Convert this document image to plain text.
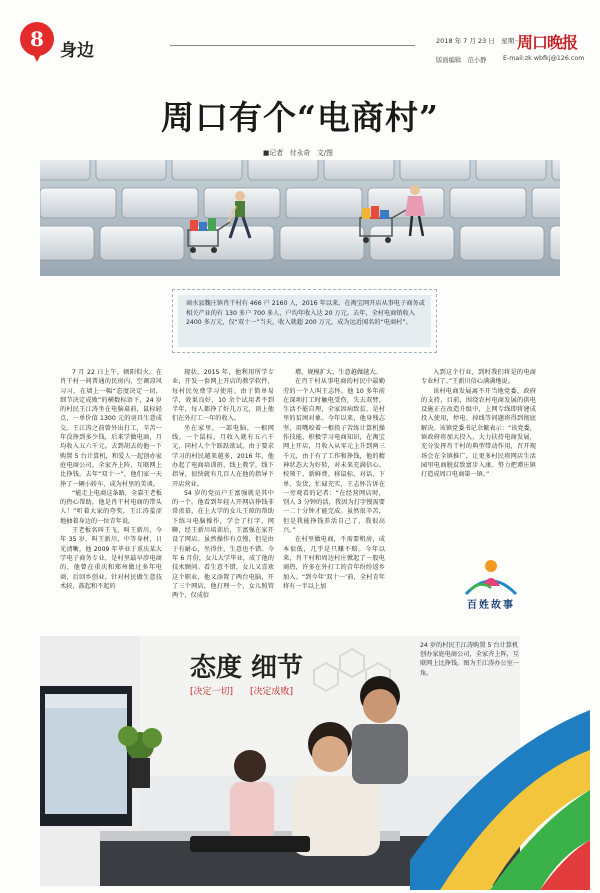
8 身边	2018 年 7 月 23 日　星期一
周口晚报
版面编辑　范小静	E-mail:zk wbfkj@126.com
周口有个“电商村”
■记者　付永奇　文/图
商水县魏庄镇肖干村有 466 户 2160 人，2016 年以来，在淘宝网开店从事电子商务或相关产业的有 130 多户 700 多人，户均年收入达 20 万元。去年，全村电商销收入 2400 多万元，仅“双十一”当天，收入就超 200 万元，成为远近闻名的“电商村”。

7 月 22 日上午，顿阳似火。在肖干村一间普通的民房内，空调凉风习习，在墙上一幅“态度决定一切，细节决定成败”的横数标语下，24 岁的村民王江涛坐在电脑桌前，鼠标轻点，一单价值 1300 元的羽具生意成交。王江涛之前曾外出打工，辛苦一年没挣到多少钱，后来学做电商，月均收入五六千元。去到胡去的他一下购置 5 台计算机，和爱人一起创办家庭电商公司，全家齐上阵，互联网上比挣钱。去年“双十一”，他们家一天挣了一辆小轿车，成为村里的美谈。

“能走上电商这条路，全靠王老板的热心帮助，他是肖干村电商的带头人！”听着大家的夸奖，王江涛羞涩地抽着身边的一位青年说。

王老板名叫王飞，叫王新川，今年 35 岁，叫王新川，中等身材，日光清晰，他 2009 年毕业于重庆某大学电子商务专业，是村里最早涉电商的，他曾在重庆和郑州做过多年电商，后回乡创业。针对村民做生意技术较，鼓起和不起的

现状，2015 年，他利用所学专业，开发一套网上开店的教学软件，每村民免费学习使用。由于简单易学，效果良好，10 余个试用者不到半年，每人都挣了好几万元，顶上他们在外打工一年的收入。

坐在家里，一部电脑，一根网线，一个鼠标，月收入就有五六千元，同村人个个跃跃欲试。由于要求学习的村民越来越多，2016 年，他办起了电商培训班，线上教学，线下指导，很快就有几百人在他的指导下开店营业。

54 岁的党员户王富强就是其中的一个。他看到年轻人开网店挣钱非常羡慕，在上大学的女儿王琼的帮助下练习电脑操作，学会了打字、网聊，经王新川培训后，王富强在家开设了网店。虽然操作有点慢，但是由于有耐心，坐得住，生意也不错。今年 6 月份，女儿大学毕业，成了他的技术顾问。看生意不错，女儿又喜欢这个职业，他又添置了两台电脑，开了三个网店，他打理一个，女儿照管两个，仅成倍

增，规模扩大，生意越做越大。

在肖干村从事电商的村民中最勤劳的一个人叫王志怀。他 10 多年前在深圳打工时触电受伤，失去双臂，生活不能自理，全家因病致贫，是村里的贫困对象。今年以来，他身残志坚，用嘴咬着一根筷子苦练计算机操作技能，积极学习电商知识，在淘宝网上开店，月收入从零元上升到两三千元，由于有了工作和挣钱，他的精神状态大为好转，对未来充满信心。校领干、新鲜费、移鼠标、对话、下单、发货，忙碌充实，王志怀告诉在一旁观看的记者：“在经营网店时，别人 3 分钟的活，我因为打字慢需要一二十分钟才能完成。虽然很辛苦，但是我能挣钱养活自己了，我很高兴。”

在村里做电商，不需要租房，成本很低，几乎是只赚不赔。今年以来，肖干村和周边村庄掀起了一股电商热，许多在外打工的青年纷纷返乡加入。“到今年‘双十一’前，全村青年将有一半以上加

入到这个行业，到时我们将是的电商专业村了。”王新川信心满满地说。

该村电商发展离不开当地党委、政府的支持，目前，围绕农村电商发展的供电设施正在改造升级中，上网专线即将建成投入使用，停电、掉线等问题将得到彻底解决。该镇党委书记余繁表示：“该党委，镇政府将加大投入，大力扶持电商发展，充分发挥肖干村的典型带动作用，召开现场会在全镇推广，让更多村民将网店生活园里电商脱贫致富步入康。努力把谭庄镇打造成周口电商第一镇。”

百姓故事
态度 细节
[决定一切] [决定成败]
24 岁的村民王江涛购置 5 台计算机创办家庭电商公司，全家齐上阵，互联网上比挣钱。图为王江涛办公室一角。
